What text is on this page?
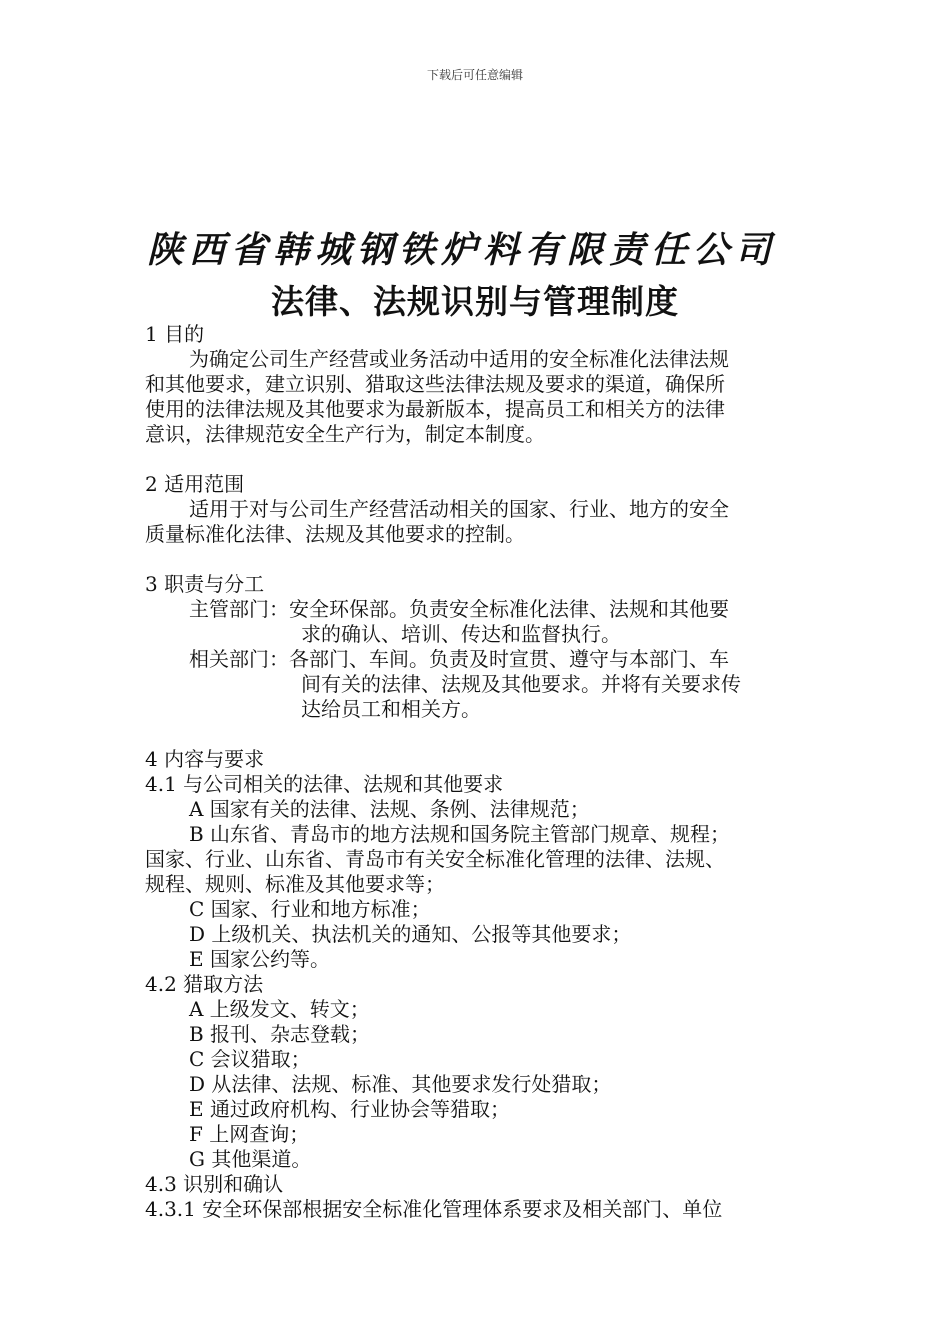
下载后可任意编辑
陕西省韩城钢铁炉料有限责任公司
法律、法规识别与管理制度
1 目的
为确定公司生产经营或业务活动中适用的安全标准化法律法规
和其他要求，建立识别、猎取这些法律法规及要求的渠道，确保所
使用的法律法规及其他要求为最新版本，提高员工和相关方的法律
意识，法律规范安全生产行为，制定本制度。
2 适用范围
适用于对与公司生产经营活动相关的国家、行业、地方的安全
质量标准化法律、法规及其他要求的控制。
3 职责与分工
主管部门：安全环保部。负责安全标准化法律、法规和其他要
求的确认、培训、传达和监督执行。
相关部门：各部门、车间。负责及时宣贯、遵守与本部门、车
间有关的法律、法规及其他要求。并将有关要求传
达给员工和相关方。
4 内容与要求
4.1 与公司相关的法律、法规和其他要求
A 国家有关的法律、法规、条例、法律规范；
B 山东省、青岛市的地方法规和国务院主管部门规章、规程；
国家、行业、山东省、青岛市有关安全标准化管理的法律、法规、
规程、规则、标准及其他要求等；
C 国家、行业和地方标准；
D 上级机关、执法机关的通知、公报等其他要求；
E 国家公约等。
4.2 猎取方法
A 上级发文、转文；
B 报刊、杂志登载；
C 会议猎取；
D 从法律、法规、标准、其他要求发行处猎取；
E 通过政府机构、行业协会等猎取；
F 上网查询；
G 其他渠道。
4.3 识别和确认
4.3.1 安全环保部根据安全标准化管理体系要求及相关部门、单位
